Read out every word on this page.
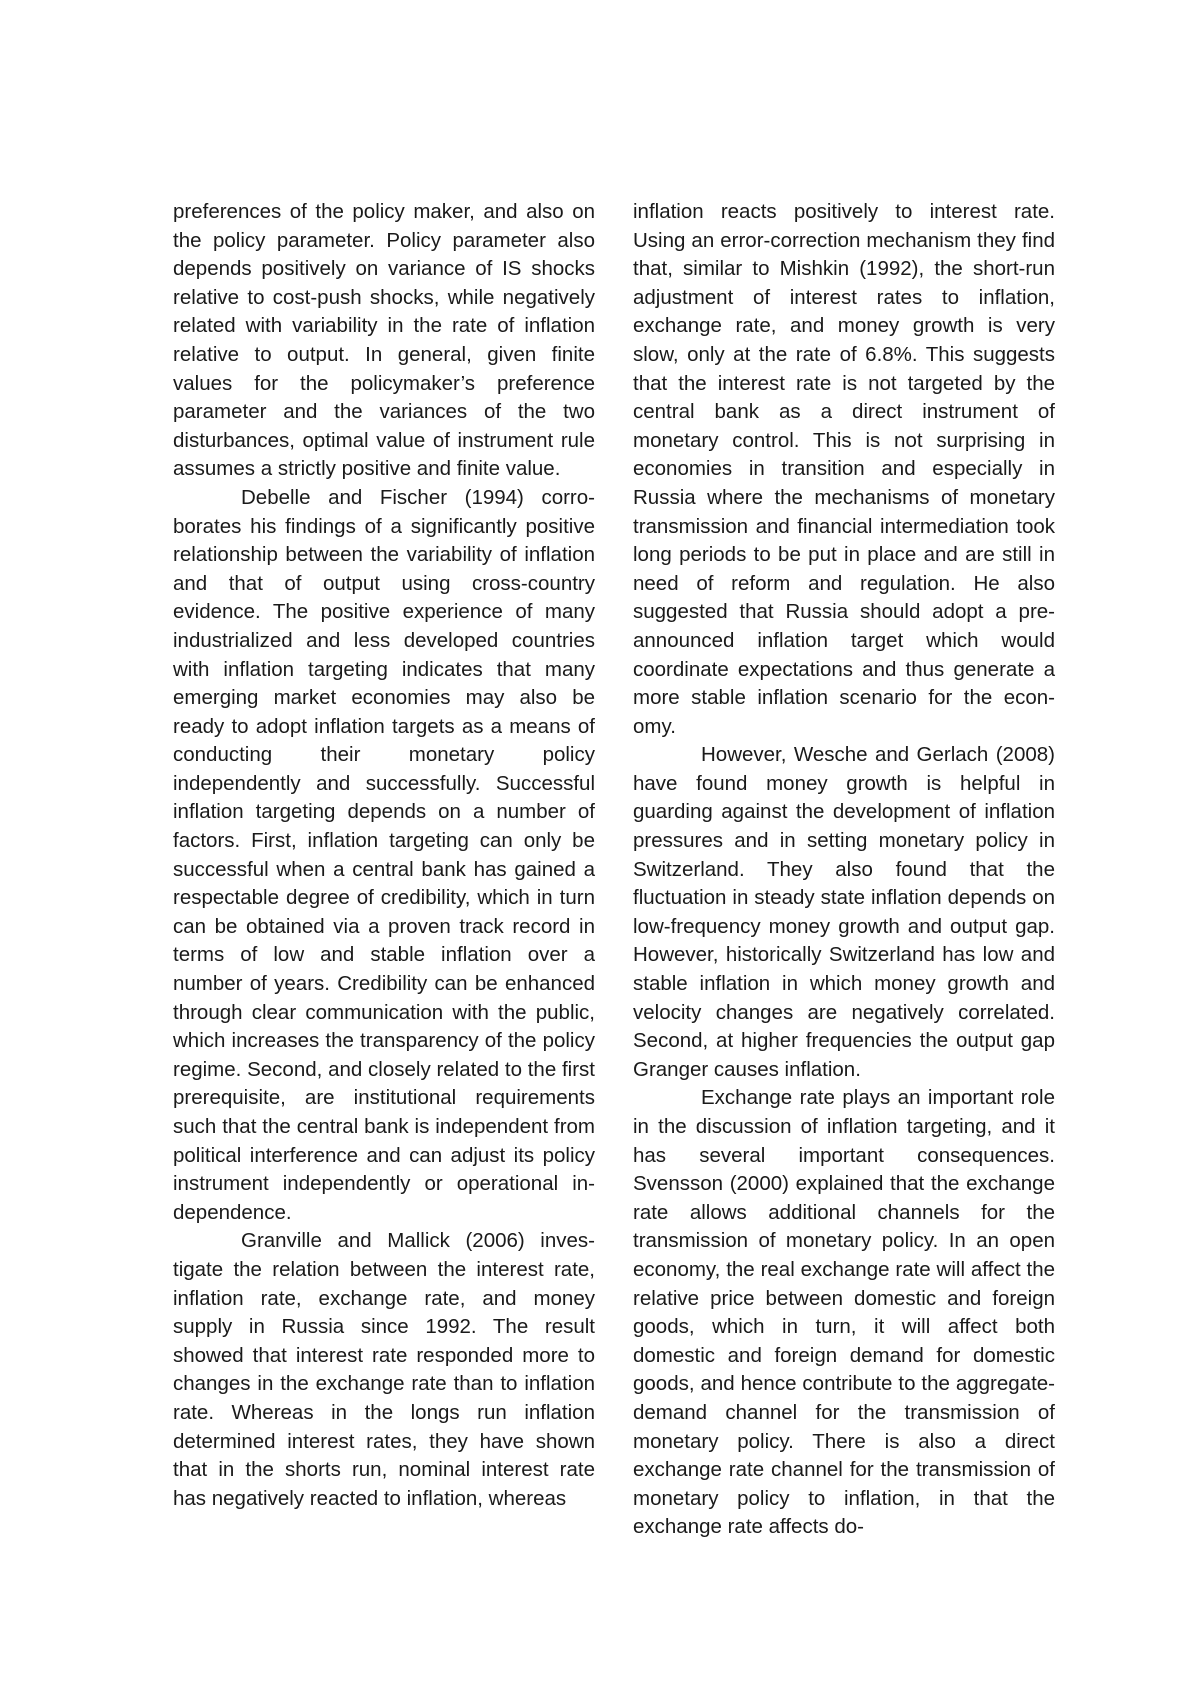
preferences of the policy maker, and also on the policy parameter. Policy parameter also depends positively on variance of IS shocks relative to cost-push shocks, while negatively related with variability in the rate of inflation relative to output. In general, given finite values for the policymaker’s preference parameter and the variances of the two disturbances, optimal value of instrument rule assumes a strictly positive and finite value.

Debelle and Fischer (1994) corroborates his findings of a significantly positive relationship between the variability of inflation and that of output using cross-country evidence. The positive experience of many industrialized and less developed countries with inflation targeting indicates that many emerging market economies may also be ready to adopt inflation targets as a means of conducting their monetary policy independently and successfully. Successful inflation targeting depends on a number of factors. First, inflation targeting can only be successful when a central bank has gained a respectable degree of credibility, which in turn can be obtained via a proven track record in terms of low and stable inflation over a number of years. Credibility can be enhanced through clear communication with the public, which increases the transparency of the policy regime. Second, and closely related to the first prerequisite, are institutional requirements such that the central bank is independent from political interference and can adjust its policy instrument independently or operational independence.

Granville and Mallick (2006) investigate the relation between the interest rate, inflation rate, exchange rate, and money supply in Russia since 1992. The result showed that interest rate responded more to changes in the exchange rate than to inflation rate. Whereas in the longs run inflation determined interest rates, they have shown that in the shorts run, nominal interest rate has negatively reacted to inflation, whereas

inflation reacts positively to interest rate. Using an error-correction mechanism they find that, similar to Mishkin (1992), the short-run adjustment of interest rates to inflation, exchange rate, and money growth is very slow, only at the rate of 6.8%. This suggests that the interest rate is not targeted by the central bank as a direct instrument of monetary control. This is not surprising in economies in transition and especially in Russia where the mechanisms of monetary transmission and financial intermediation took long periods to be put in place and are still in need of reform and regulation. He also suggested that Russia should adopt a pre-announced inflation target which would coordinate expectations and thus generate a more stable inflation scenario for the economy.

However, Wesche and Gerlach (2008) have found money growth is helpful in guarding against the development of inflation pressures and in setting monetary policy in Switzerland. They also found that the fluctuation in steady state inflation depends on low-frequency money growth and output gap. However, historically Switzerland has low and stable inflation in which money growth and velocity changes are negatively correlated. Second, at higher frequencies the output gap Granger causes inflation.

Exchange rate plays an important role in the discussion of inflation targeting, and it has several important consequences. Svensson (2000) explained that the exchange rate allows additional channels for the transmission of monetary policy. In an open economy, the real exchange rate will affect the relative price between domestic and foreign goods, which in turn, it will affect both domestic and foreign demand for domestic goods, and hence contribute to the aggregate-demand channel for the transmission of monetary policy. There is also a direct exchange rate channel for the transmission of monetary policy to inflation, in that the exchange rate affects do-
